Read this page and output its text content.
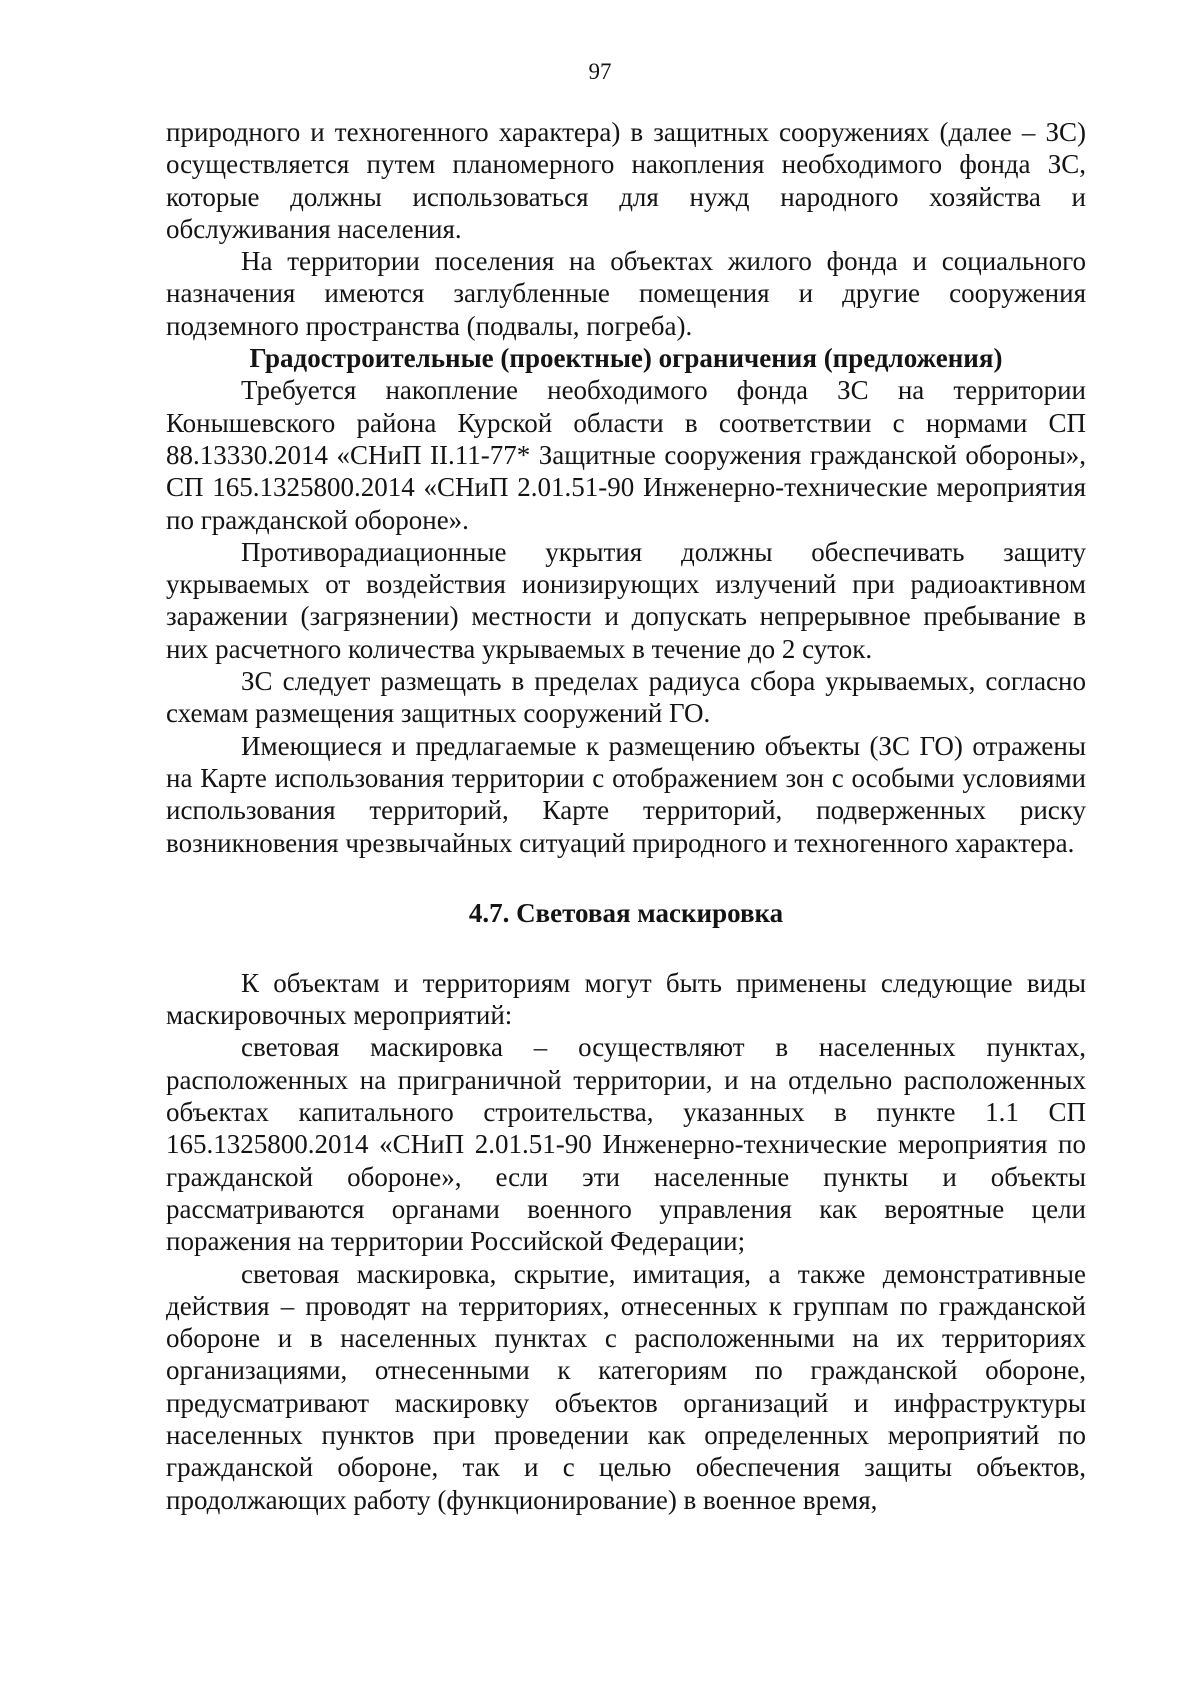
97

природного и техногенного характера) в защитных сооружениях (далее – ЗС) осуществляется путем планомерного накопления необходимого фонда ЗС, которые должны использоваться для нужд народного хозяйства и обслуживания населения.

На территории поселения на объектах жилого фонда и социального назначения имеются заглубленные помещения и другие сооружения подземного пространства (подвалы, погреба).

Градостроительные (проектные) ограничения (предложения)

Требуется накопление необходимого фонда ЗС на территории Конышевского района Курской области в соответствии с нормами СП 88.13330.2014 «СНиП II.11-77* Защитные сооружения гражданской обороны», СП 165.1325800.2014 «СНиП 2.01.51-90 Инженерно-технические мероприятия по гражданской обороне».

Противорадиационные укрытия должны обеспечивать защиту укрываемых от воздействия ионизирующих излучений при радиоактивном заражении (загрязнении) местности и допускать непрерывное пребывание в них расчетного количества укрываемых в течение до 2 суток.

ЗС следует размещать в пределах радиуса сбора укрываемых, согласно схемам размещения защитных сооружений ГО.

Имеющиеся и предлагаемые к размещению объекты (ЗС ГО) отражены на Карте использования территории с отображением зон с особыми условиями использования территорий, Карте территорий, подверженных риску возникновения чрезвычайных ситуаций природного и техногенного характера.

4.7. Световая маскировка

К объектам и территориям могут быть применены следующие виды маскировочных мероприятий:

световая маскировка – осуществляют в населенных пунктах, расположенных на приграничной территории, и на отдельно расположенных объектах капитального строительства, указанных в пункте 1.1 СП 165.1325800.2014 «СНиП 2.01.51-90 Инженерно-технические мероприятия по гражданской обороне», если эти населенные пункты и объекты рассматриваются органами военного управления как вероятные цели поражения на территории Российской Федерации;

световая маскировка, скрытие, имитация, а также демонстративные действия – проводят на территориях, отнесенных к группам по гражданской обороне и в населенных пунктах с расположенными на их территориях организациями, отнесенными к категориям по гражданской обороне, предусматривают маскировку объектов организаций и инфраструктуры населенных пунктов при проведении как определенных мероприятий по гражданской обороне, так и с целью обеспечения защиты объектов, продолжающих работу (функционирование) в военное время,
